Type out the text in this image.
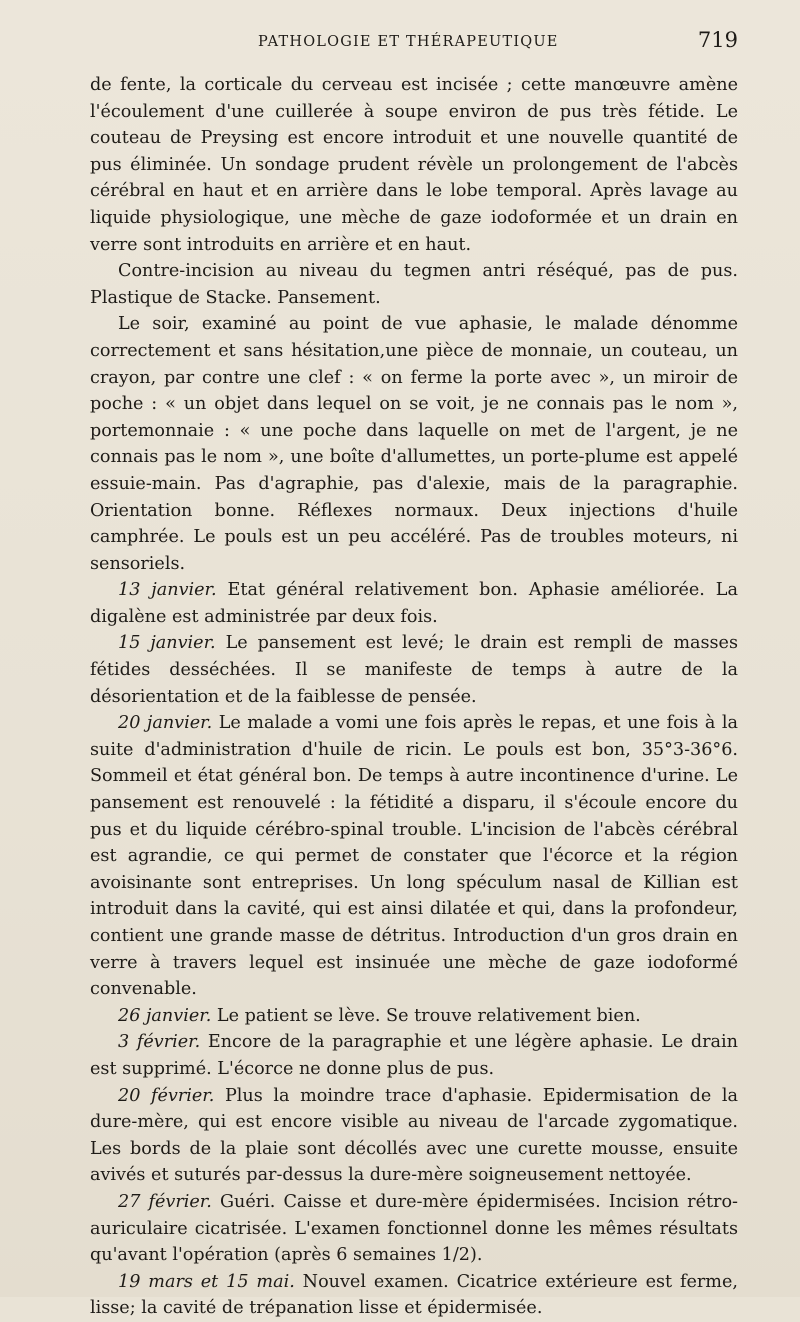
PATHOLOGIE ET THÉRAPEUTIQUE	719

de fente, la corticale du cerveau est incisée ; cette manœuvre amène l'écoulement d'une cuillerée à soupe environ de pus très fétide. Le couteau de Preysing est encore introduit et une nouvelle quantité de pus éliminée. Un sondage prudent révèle un prolongement de l'abcès cérébral en haut et en arrière dans le lobe temporal. Après lavage au liquide physiologique, une mèche de gaze iodoformée et un drain en verre sont introduits en arrière et en haut.

Contre-incision au niveau du tegmen antri réséqué, pas de pus. Plastique de Stacke. Pansement.

Le soir, examiné au point de vue aphasie, le malade dénomme correctement et sans hésitation,une pièce de monnaie, un couteau, un crayon, par contre une clef : « on ferme la porte avec », un miroir de poche : « un objet dans lequel on se voit, je ne connais pas le nom », portemonnaie : « une poche dans laquelle on met de l'argent, je ne connais pas le nom », une boîte d'allumettes, un porte-plume est appelé essuie-main. Pas d'agraphie, pas d'alexie, mais de la paragraphie. Orientation bonne. Réflexes normaux. Deux injections d'huile camphrée. Le pouls est un peu accéléré. Pas de troubles moteurs, ni sensoriels.

13 janvier. Etat général relativement bon. Aphasie améliorée. La digalène est administrée par deux fois.

15 janvier. Le pansement est levé; le drain est rempli de masses fétides desséchées. Il se manifeste de temps à autre de la désorientation et de la faiblesse de pensée.

20 janvier. Le malade a vomi une fois après le repas, et une fois à la suite d'administration d'huile de ricin. Le pouls est bon, 35°3-36°6. Sommeil et état général bon. De temps à autre incontinence d'urine. Le pansement est renouvelé : la fétidité a disparu, il s'écoule encore du pus et du liquide cérébro-spinal trouble. L'incision de l'abcès cérébral est agrandie, ce qui permet de constater que l'écorce et la région avoisinante sont entreprises. Un long spéculum nasal de Killian est introduit dans la cavité, qui est ainsi dilatée et qui, dans la profondeur, contient une grande masse de détritus. Introduction d'un gros drain en verre à travers lequel est insinuée une mèche de gaze iodoformé convenable.

26 janvier. Le patient se lève. Se trouve relativement bien.

3 février. Encore de la paragraphie et une légère aphasie. Le drain est supprimé. L'écorce ne donne plus de pus.

20 février. Plus la moindre trace d'aphasie. Epidermisation de la dure-mère, qui est encore visible au niveau de l'arcade zygomatique. Les bords de la plaie sont décollés avec une curette mousse, ensuite avivés et suturés par-dessus la dure-mère soigneusement nettoyée.

27 février. Guéri. Caisse et dure-mère épidermisées. Incision rétro-auriculaire cicatrisée. L'examen fonctionnel donne les mêmes résultats qu'avant l'opération (après 6 semaines 1/2).

19 mars et 15 mai. Nouvel examen. Cicatrice extérieure est ferme, lisse; la cavité de trépanation lisse et épidermisée.
